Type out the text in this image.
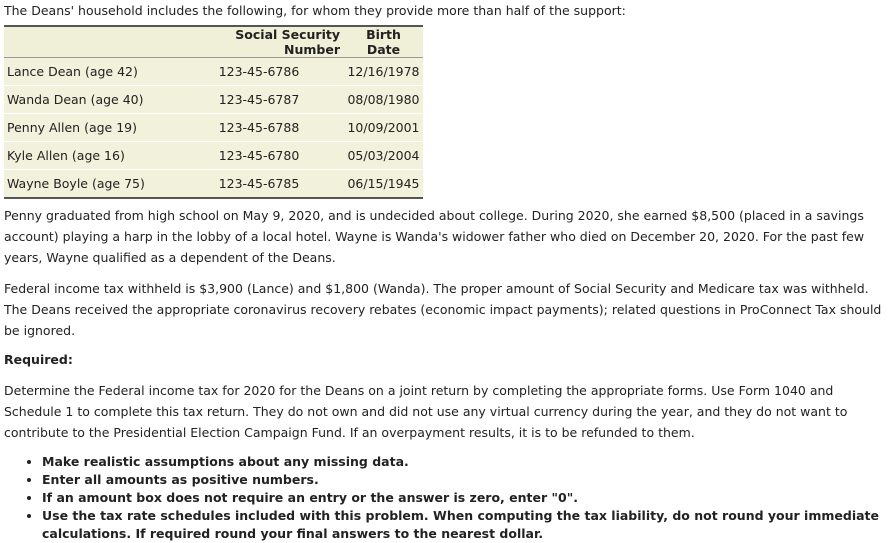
The Deans' household includes the following, for whom they provide more than half of the support:

	Social Security Number	Birth Date
Lance Dean (age 42)	123-45-6786	12/16/1978
Wanda Dean (age 40)	123-45-6787	08/08/1980
Penny Allen (age 19)	123-45-6788	10/09/2001
Kyle Allen (age 16)	123-45-6780	05/03/2004
Wayne Boyle (age 75)	123-45-6785	06/15/1945

Penny graduated from high school on May 9, 2020, and is undecided about college. During 2020, she earned $8,500 (placed in a savings account) playing a harp in the lobby of a local hotel. Wayne is Wanda's widower father who died on December 20, 2020. For the past few years, Wayne qualified as a dependent of the Deans.

Federal income tax withheld is $3,900 (Lance) and $1,800 (Wanda). The proper amount of Social Security and Medicare tax was withheld. The Deans received the appropriate coronavirus recovery rebates (economic impact payments); related questions in ProConnect Tax should be ignored.

Required:

Determine the Federal income tax for 2020 for the Deans on a joint return by completing the appropriate forms. Use Form 1040 and Schedule 1 to complete this tax return. They do not own and did not use any virtual currency during the year, and they do not want to contribute to the Presidential Election Campaign Fund. If an overpayment results, it is to be refunded to them.

• Make realistic assumptions about any missing data.
• Enter all amounts as positive numbers.
• If an amount box does not require an entry or the answer is zero, enter "0".
• Use the tax rate schedules included with this problem. When computing the tax liability, do not round your immediate calculations. If required round your final answers to the nearest dollar.
